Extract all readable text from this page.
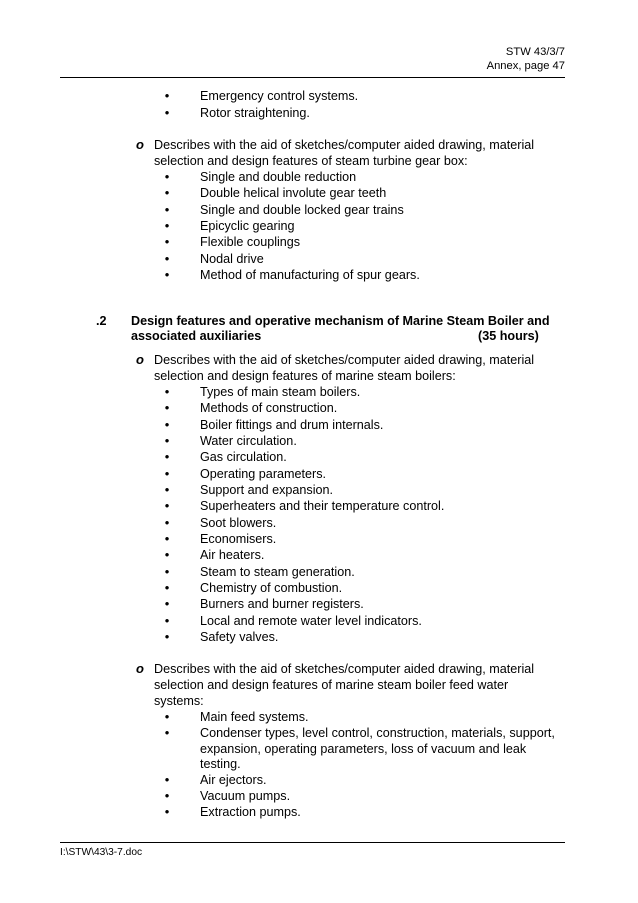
STW 43/3/7
Annex, page 47
•
Emergency control systems.
•
Rotor straightening.
o Describes with the aid of sketches/computer aided drawing, material
selection and design features of steam turbine gear box:
•
Single and double reduction
•
Double helical involute gear teeth
•
Single and double locked gear trains
•
Epicyclic gearing
•
Flexible couplings
•
Nodal drive
•
Method of manufacturing of spur gears.
.2 Design features and operative mechanism of Marine Steam Boiler and
associated auxiliaries	(35 hours)
o Describes with the aid of sketches/computer aided drawing, material
selection and design features of marine steam boilers:
•
Types of main steam boilers.
•
Methods of construction.
•
Boiler fittings and drum internals.
•
Water circulation.
•
Gas circulation.
•
Operating parameters.
•
Support and expansion.
•
Superheaters and their temperature control.
•
Soot blowers.
•
Economisers.
•
Air heaters.
•
Steam to steam generation.
•
Chemistry of combustion.
•
Burners and burner registers.
•
Local and remote water level indicators.
•
Safety valves.
o Describes with the aid of sketches/computer aided drawing, material
selection and design features of marine steam boiler feed water
systems:
•
Main feed systems.
•
Condenser types, level control, construction, materials, support,
expansion, operating parameters, loss of vacuum and leak
testing.
•
Air ejectors.
•
Vacuum pumps.
•
Extraction pumps.
I:\STW\43\3-7.doc
